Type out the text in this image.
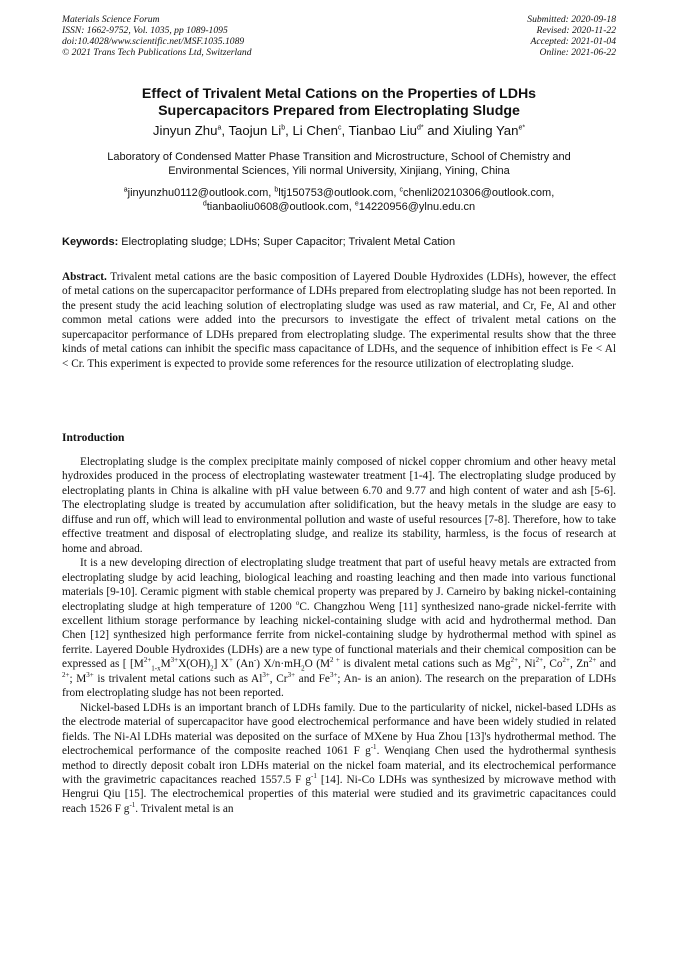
Materials Science Forum
ISSN: 1662-9752, Vol. 1035, pp 1089-1095
doi:10.4028/www.scientific.net/MSF.1035.1089
© 2021 Trans Tech Publications Ltd, Switzerland
Submitted: 2020-09-18
Revised: 2020-11-22
Accepted: 2021-01-04
Online: 2021-06-22
Effect of Trivalent Metal Cations on the Properties of LDHs
Supercapacitors Prepared from Electroplating Sludge
Jinyun Zhu$^a$, Taojun Li$^b$, Li Chen$^c$, Tianbao Liu$^{d*}$ and Xiuling Yan$^{e*}$
Laboratory of Condensed Matter Phase Transition and Microstructure, School of Chemistry and
Environmental Sciences, Yili normal University, Xinjiang, Yining, China
$^a$jinyunzhu0112@outlook.com, $^b$ltj150753@outlook.com, $^c$chenli20210306@outlook.com,
$^d$tianbaoliu0608@outlook.com, $^e$14220956@ylnu.edu.cn
Keywords: Electroplating sludge; LDHs; Super Capacitor; Trivalent Metal Cation
Abstract. Trivalent metal cations are the basic composition of Layered Double Hydroxides (LDHs), however, the effect of metal cations on the supercapacitor performance of LDHs prepared from electroplating sludge has not been reported. In the present study the acid leaching solution of electroplating sludge was used as raw material, and Cr, Fe, Al and other common metal cations were added into the precursors to investigate the effect of trivalent metal cations on the supercapacitor performance of LDHs prepared from electroplating sludge. The experimental results show that the three kinds of metal cations can inhibit the specific mass capacitance of LDHs, and the sequence of inhibition effect is Fe < Al < Cr. This experiment is expected to provide some references for the resource utilization of electroplating sludge.
Introduction

Electroplating sludge is the complex precipitate mainly composed of nickel copper chromium and other heavy metal hydroxides produced in the process of electroplating wastewater treatment [1-4]. The electroplating sludge produced by electroplating plants in China is alkaline with pH value between 6.70 and 9.77 and high content of water and ash [5-6]. The electroplating sludge is treated by accumulation after solidification, but the heavy metals in the sludge are easy to diffuse and run off, which will lead to environmental pollution and waste of useful resources [7-8]. Therefore, how to take effective treatment and disposal of electroplating sludge, and realize its stability, harmless, is the focus of research at home and abroad.

It is a new developing direction of electroplating sludge treatment that part of useful heavy metals are extracted from electroplating sludge by acid leaching, biological leaching and roasting leaching and then made into various functional materials [9-10]. Ceramic pigment with stable chemical property was prepared by J. Carneiro by baking nickel-containing electroplating sludge at high temperature of 1200 $^o$C. Changzhou Weng [11] synthesized nano-grade nickel-ferrite with excellent lithium storage performance by leaching nickel-containing sludge with acid and hydrothermal method. Dan Chen [12] synthesized high performance ferrite from nickel-containing sludge by hydrothermal method with spinel as ferrite. Layered Double Hydroxides (LDHs) are a new type of functional materials and their chemical composition can be expressed as [ $[M^{2+}_{1-x}M^{3+}X(OH)_2]$ X+ (An-) $X/n\cdot mH_2O$ ($M^{2 +}$ is divalent metal cations such as $Mg^{2+}$, $Ni^{2+}$, $Co^{2+}$, $Zn^{2+}$ and $^{2+}$; $M^{3+}$ is trivalent metal cations such as $Al^{3+}$, $Cr^{3+}$ and $Fe^{3+}$; An- is an anion). The research on the preparation of LDHs from electroplating sludge has not been reported.

Nickel-based LDHs is an important branch of LDHs family. Due to the particularity of nickel, nickel-based LDHs as the electrode material of supercapacitor have good electrochemical performance and have been widely studied in related fields. The Ni-Al LDHs material was deposited on the surface of MXene by Hua Zhou [13]'s hydrothermal method. The electrochemical performance of the composite reached 1061 F $g^{-1}$. Wenqiang Chen used the hydrothermal synthesis method to directly deposit cobalt iron LDHs material on the nickel foam material, and its electrochemical performance with the gravimetric capacitances reached 1557.5 F $g^{-1}$ [14]. Ni-Co LDHs was synthesized by microwave method with Hengrui Qiu [15]. The electrochemical properties of this material were studied and its gravimetric capacitances could reach 1526 F $g^{-1}$. Trivalent metal is an
